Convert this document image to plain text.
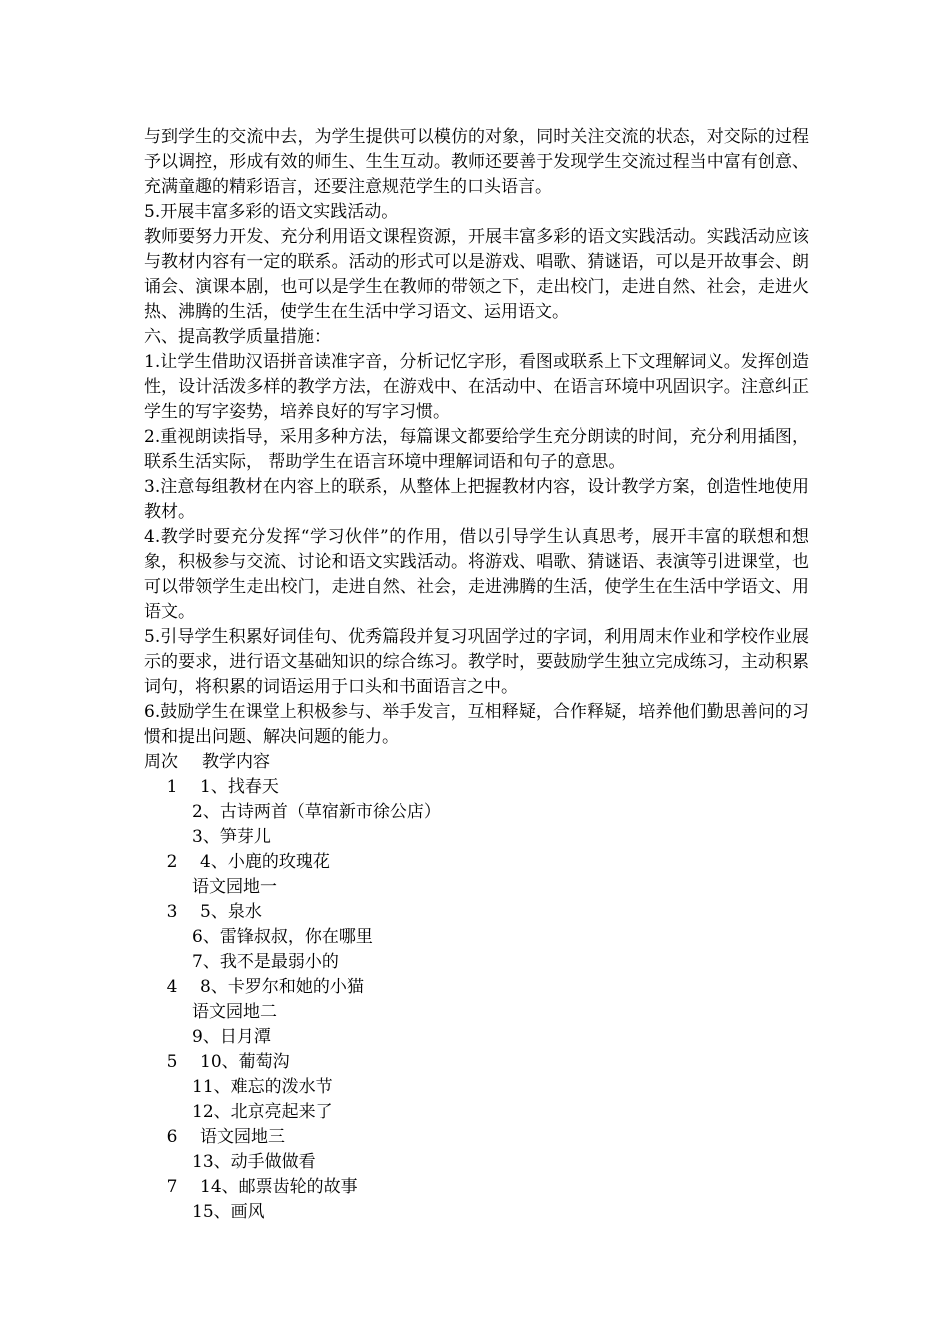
与到学生的交流中去，为学生提供可以模仿的对象，同时关注交流的状态，对交际的过程予以调控，形成有效的师生、生生互动。教师还要善于发现学生交流过程当中富有创意、充满童趣的精彩语言，还要注意规范学生的口头语言。

5.开展丰富多彩的语文实践活动。

教师要努力开发、充分利用语文课程资源，开展丰富多彩的语文实践活动。实践活动应该与教材内容有一定的联系。活动的形式可以是游戏、唱歌、猜谜语，可以是开故事会、朗诵会、演课本剧，也可以是学生在教师的带领之下，走出校门，走进自然、社会，走进火热、沸腾的生活，使学生在生活中学习语文、运用语文。

六、提高教学质量措施：

1.让学生借助汉语拼音读准字音，分析记忆字形，看图或联系上下文理解词义。发挥创造性，设计活泼多样的教学方法，在游戏中、在活动中、在语言环境中巩固识字。注意纠正学生的写字姿势，培养良好的写字习惯。

2.重视朗读指导，采用多种方法，每篇课文都要给学生充分朗读的时间，充分利用插图，联系生活实际， 帮助学生在语言环境中理解词语和句子的意思。

3.注意每组教材在内容上的联系，从整体上把握教材内容，设计教学方案，创造性地使用教材。

4.教学时要充分发挥“学习伙伴”的作用，借以引导学生认真思考，展开丰富的联想和想象，积极参与交流、讨论和语文实践活动。将游戏、唱歌、猜谜语、表演等引进课堂，也可以带领学生走出校门，走进自然、社会，走进沸腾的生活，使学生在生活中学语文、用语文。

5.引导学生积累好词佳句、优秀篇段并复习巩固学过的字词，利用周末作业和学校作业展示的要求，进行语文基础知识的综合练习。教学时，要鼓励学生独立完成练习，主动积累词句，将积累的词语运用于口头和书面语言之中。

6.鼓励学生在课堂上积极参与、举手发言，互相释疑，合作释疑，培养他们勤思善问的习惯和提出问题、解决问题的能力。

周次 教学内容
1 1、找春天
2、古诗两首（草宿新市徐公店）
3、笋芽儿
2 4、小鹿的玫瑰花
语文园地一
3 5、泉水
6、雷锋叔叔，你在哪里
7、我不是最弱小的
4 8、卡罗尔和她的小猫
语文园地二
9、日月潭
5 10、葡萄沟
11、难忘的泼水节
12、北京亮起来了
6 语文园地三
13、动手做做看
7 14、邮票齿轮的故事
15、画风
